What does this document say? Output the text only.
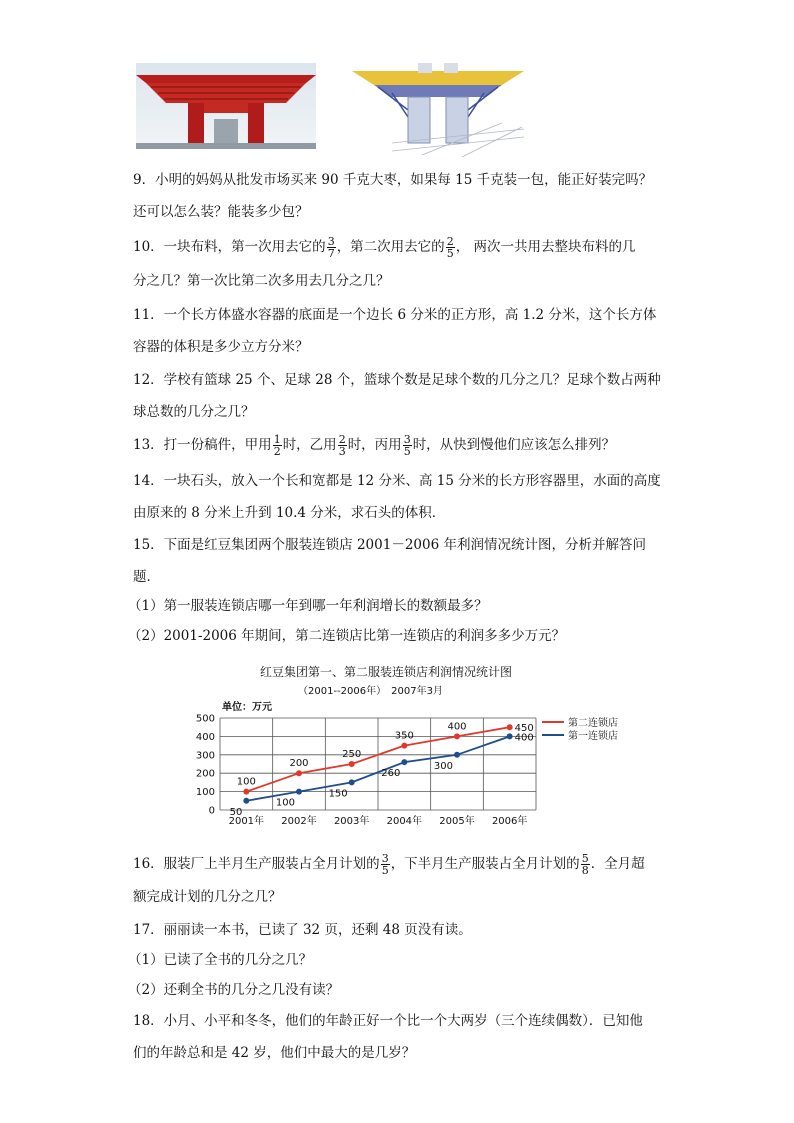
9．小明的妈妈从批发市场买来 90 千克大枣，如果每 15 千克装一包，能正好装完吗？
还可以怎么装？能装多少包？
10．一块布料，第一次用去它的 $\frac{3}{7}$ ，第二次用去它的 $\frac{2}{5}$ ， 两次一共用去整块布料的几
分之几？第一次比第二次多用去几分之几？
11．一个长方体盛水容器的底面是一个边长 6 分米的正方形，高 1.2 分米，这个长方体
容器的体积是多少立方分米？
12．学校有篮球 25 个、足球 28 个，篮球个数是足球个数的几分之几？足球个数占两种
球总数的几分之几？
13．打一份稿件，甲用 $\frac{1}{2}$ 时，乙用 $\frac{2}{3}$ 时，丙用 $\frac{3}{5}$ 时，从快到慢他们应该怎么排列？
14．一块石头，放入一个长和宽都是 12 分米、高 15 分米的长方形容器里，水面的高度
由原来的 8 分米上升到 10.4 分米，求石头的体积．
15．下面是红豆集团两个服装连锁店 2001－2006 年利润情况统计图，分析并解答问
题．
（1）第一服装连锁店哪一年到哪一年利润增长的数额最多？
（2）2001-2006 年期间，第二连锁店比第一连锁店的利润多多少万元？
红豆集团第一、第二服装连锁店利润情况统计图
（2001--2006年）　2007年3月
单位：万元
0
100
200
300
400
500
2001年 2002年 2003年 2004年 2005年 2006年
100
200
250
350
400	450
50
100
150
260
300
400
第二连锁店
第一连锁店
16．服装厂上半月生产服装占全月计划的 $\frac{3}{5}$ ，下半月生产服装占全月计划的 $\frac{5}{8}$ ．全月超
额完成计划的几分之几？
17．丽丽读一本书，已读了 32 页，还剩 48 页没有读。
（1）已读了全书的几分之几？
（2）还剩全书的几分之几没有读？
18．小月、小平和冬冬，他们的年龄正好一个比一个大两岁（三个连续偶数）．已知他
们的年龄总和是 42 岁，他们中最大的是几岁？
